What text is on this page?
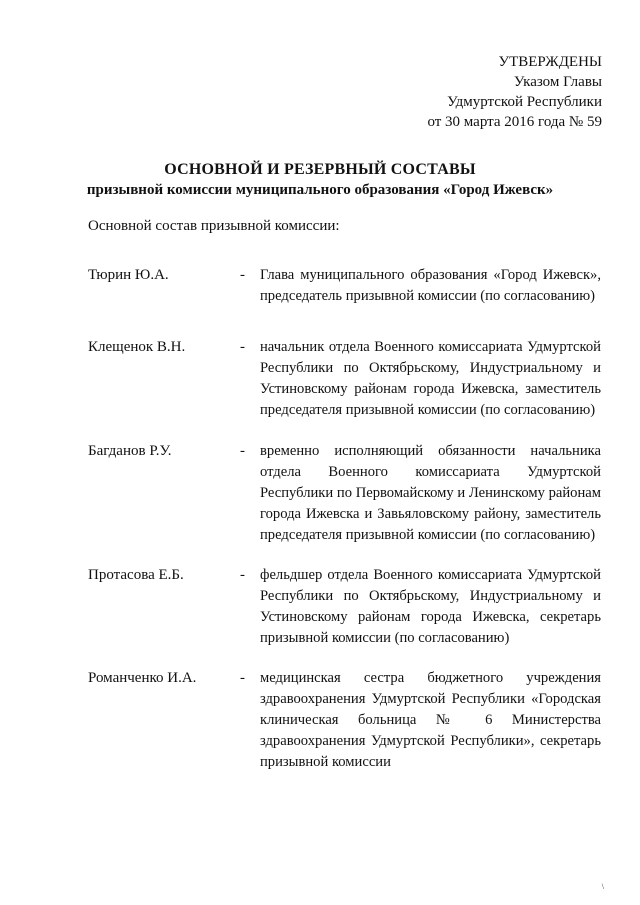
УТВЕРЖДЕНЫ
Указом Главы
Удмуртской Республики
от 30 марта 2016 года № 59
ОСНОВНОЙ И РЕЗЕРВНЫЙ СОСТАВЫ
призывной комиссии муниципального образования «Город Ижевск»
Основной состав призывной комиссии:
Тюрин Ю.А.	-	Глава муниципального образования «Город Ижевск», председатель призывной комиссии (по согласованию)
Клещенок В.Н.	-	начальник отдела Военного комиссариата Удмуртской Республики по Октябрьскому, Индустриальному и Устиновскому районам города Ижевска, заместитель председателя призывной комиссии (по согласованию)
Багданов Р.У.	-	временно исполняющий обязанности начальника отдела Военного комиссариата Удмуртской Республики по Первомайскому и Ленинскому районам города Ижевска и Завьяловскому району, заместитель председателя призывной комиссии (по согласованию)
Протасова Е.Б.	-	фельдшер отдела Военного комиссариата Удмуртской Республики по Октябрьскому, Индустриальному и Устиновскому районам города Ижевска, секретарь призывной комиссии (по согласованию)
Романченко И.А.	-	медицинская сестра бюджетного учреждения здравоохранения Удмуртской Республики «Городская клиническая больница № 6 Министерства здравоохранения Удмуртской Республики», секретарь призывной комиссии
\
